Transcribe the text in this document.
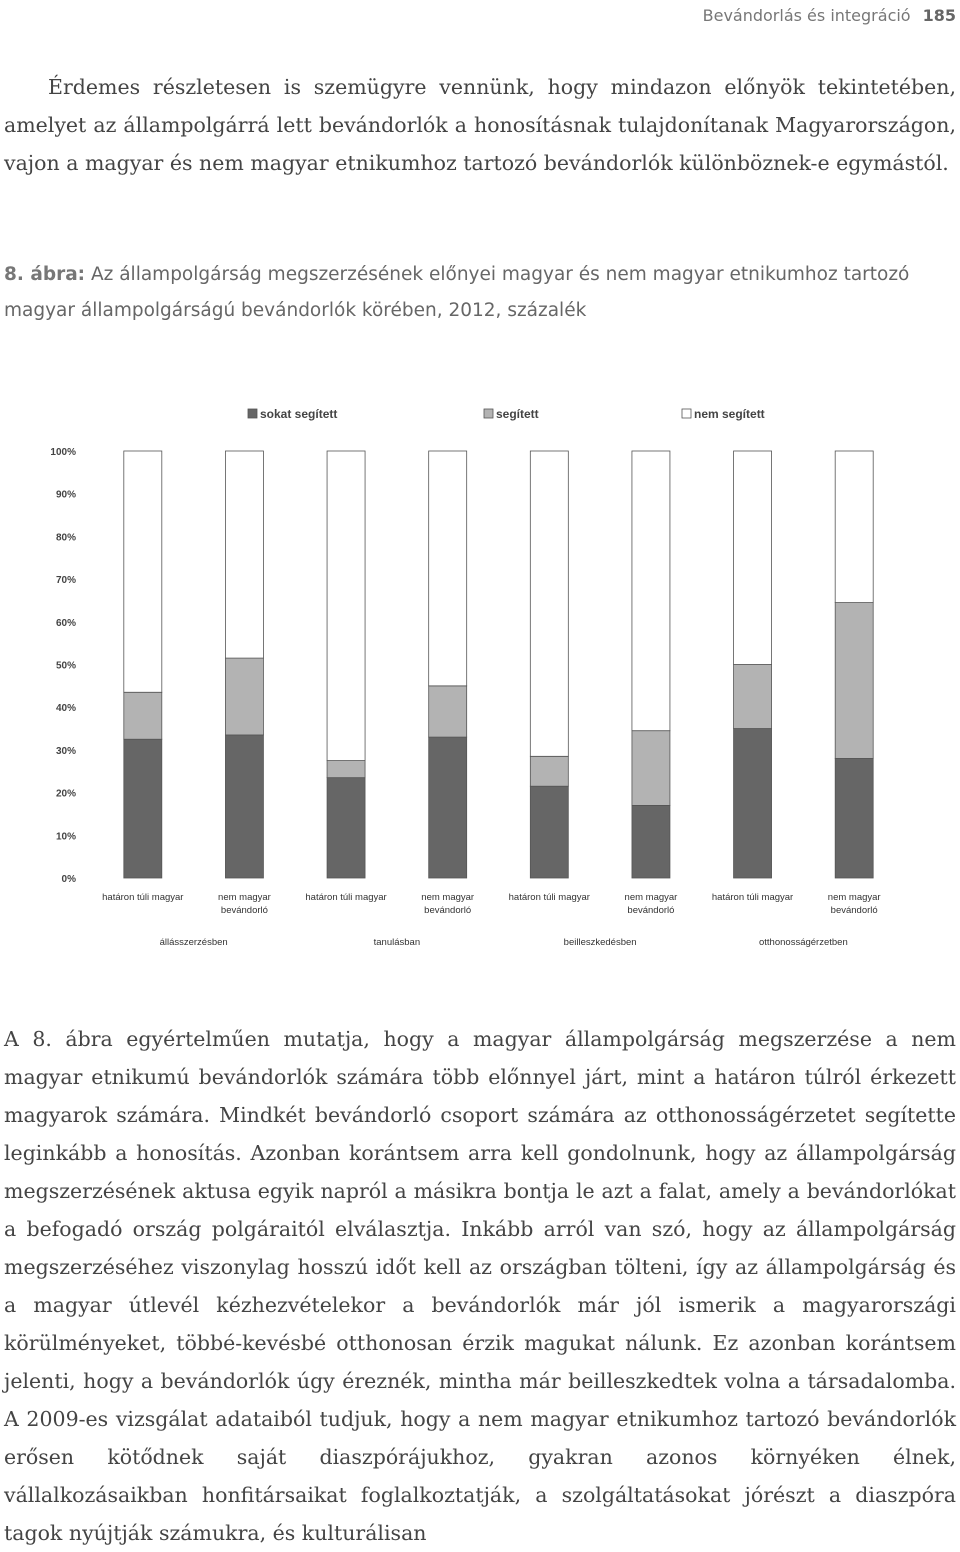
Bevándorlás és integráció 185

Érdemes részletesen is szemügyre vennünk, hogy mindazon előnyök tekintetében, amelyet az állampolgárrá lett bevándorlók a honosításnak tulajdonítanak Magyarországon, vajon a magyar és nem magyar etnikumhoz tartozó bevándorlók különböznek-e egymástól.

8. ábra: Az állampolgárság megszerzésének előnyei magyar és nem magyar etnikumhoz tartozó magyar állampolgárságú bevándorlók körében, 2012, százalék

0%
10%
20%
30%
40%
50%
60%
70%
80%
90%
100%
határon túli magyar	nem magyar
bevándorló
határon túli magyar	nem magyar
bevándorló
határon túli magyar	nem magyar
bevándorló
határon túli magyar	nem magyar
bevándorló
állásszerzésben	tanulásban	beilleszkedésben	otthonosságérzetben
sokat segített	segített	nem segített

A 8. ábra egyértelműen mutatja, hogy a magyar állampolgárság megszerzése a nem magyar etnikumú bevándorlók számára több előnnyel járt, mint a határon túlról érkezett magyarok számára. Mindkét bevándorló csoport számára az otthonosságérzetet segítette leginkább a honosítás. Azonban korántsem arra kell gondolnunk, hogy az állampolgárság megszerzésének aktusa egyik napról a másikra bontja le azt a falat, amely a bevándorlókat a befogadó ország polgáraitól elválasztja. Inkább arról van szó, hogy az állampolgárság megszerzéséhez viszonylag hosszú időt kell az országban tölteni, így az állampolgárság és a magyar útlevél kézhezvételekor a bevándorlók már jól ismerik a magyarországi körülményeket, többé-kevésbé otthonosan érzik magukat nálunk. Ez azonban korántsem jelenti, hogy a bevándorlók úgy éreznék, mintha már beilleszkedtek volna a társadalomba. A 2009-es vizsgálat adataiból tudjuk, hogy a nem magyar etnikumhoz tartozó bevándorlók erősen kötődnek saját diaszpórájukhoz, gyakran azonos környéken élnek, vállalkozásaikban honfitársaikat foglalkoztatják, a szolgáltatásokat jórészt a diaszpóra tagok nyújtják számukra, és kulturálisan
